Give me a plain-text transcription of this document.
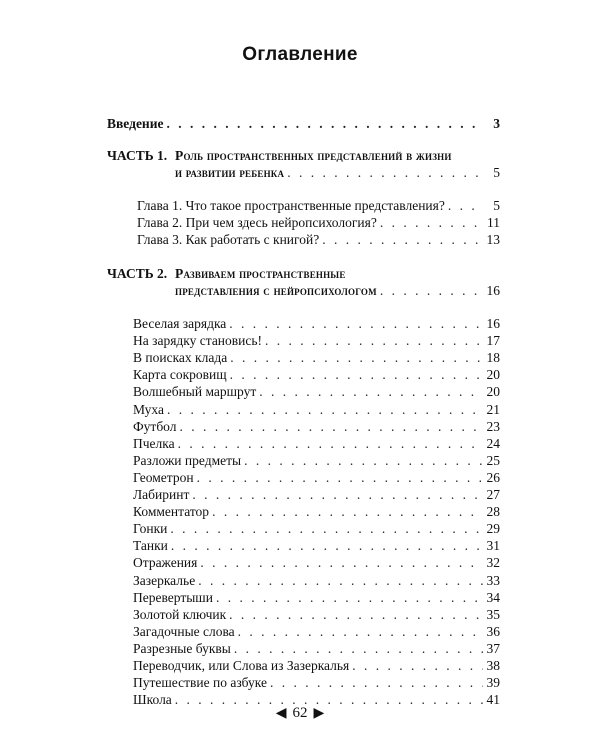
Оглавление
Введение . . .	3
ЧАСТЬ 1. Роль пространственных представлений в жизни
и развитии ребенка . . .	5
Глава 1. Что такое пространственные представления? . . .	5
Глава 2. При чем здесь нейропсихология? . . .	11
Глава 3. Как работать с книгой? . . .	13
ЧАСТЬ 2. Развиваем пространственные
представления с нейропсихологом . . .	16
Веселая зарядка . . .	16
На зарядку становись! . . .	17
В поисках клада . . .	18
Карта сокровищ . . .	20
Волшебный маршрут . . .	20
Муха . . .	21
Футбол . . .	23
Пчелка . . .	24
Разложи предметы . . .	25
Геометрон . . .	26
Лабиринт . . .	27
Комментатор . . .	28
Гонки . . .	29
Танки . . .	31
Отражения . . .	32
Зазеркалье . . .	33
Перевертыши . . .	34
Золотой ключик . . .	35
Загадочные слова . . .	36
Разрезные буквы . . .	37
Переводчик, или Слова из Зазеркалья . . .	38
Путешествие по азбуке . . .	39
Школа . . .	41
◀ 62 ▶
